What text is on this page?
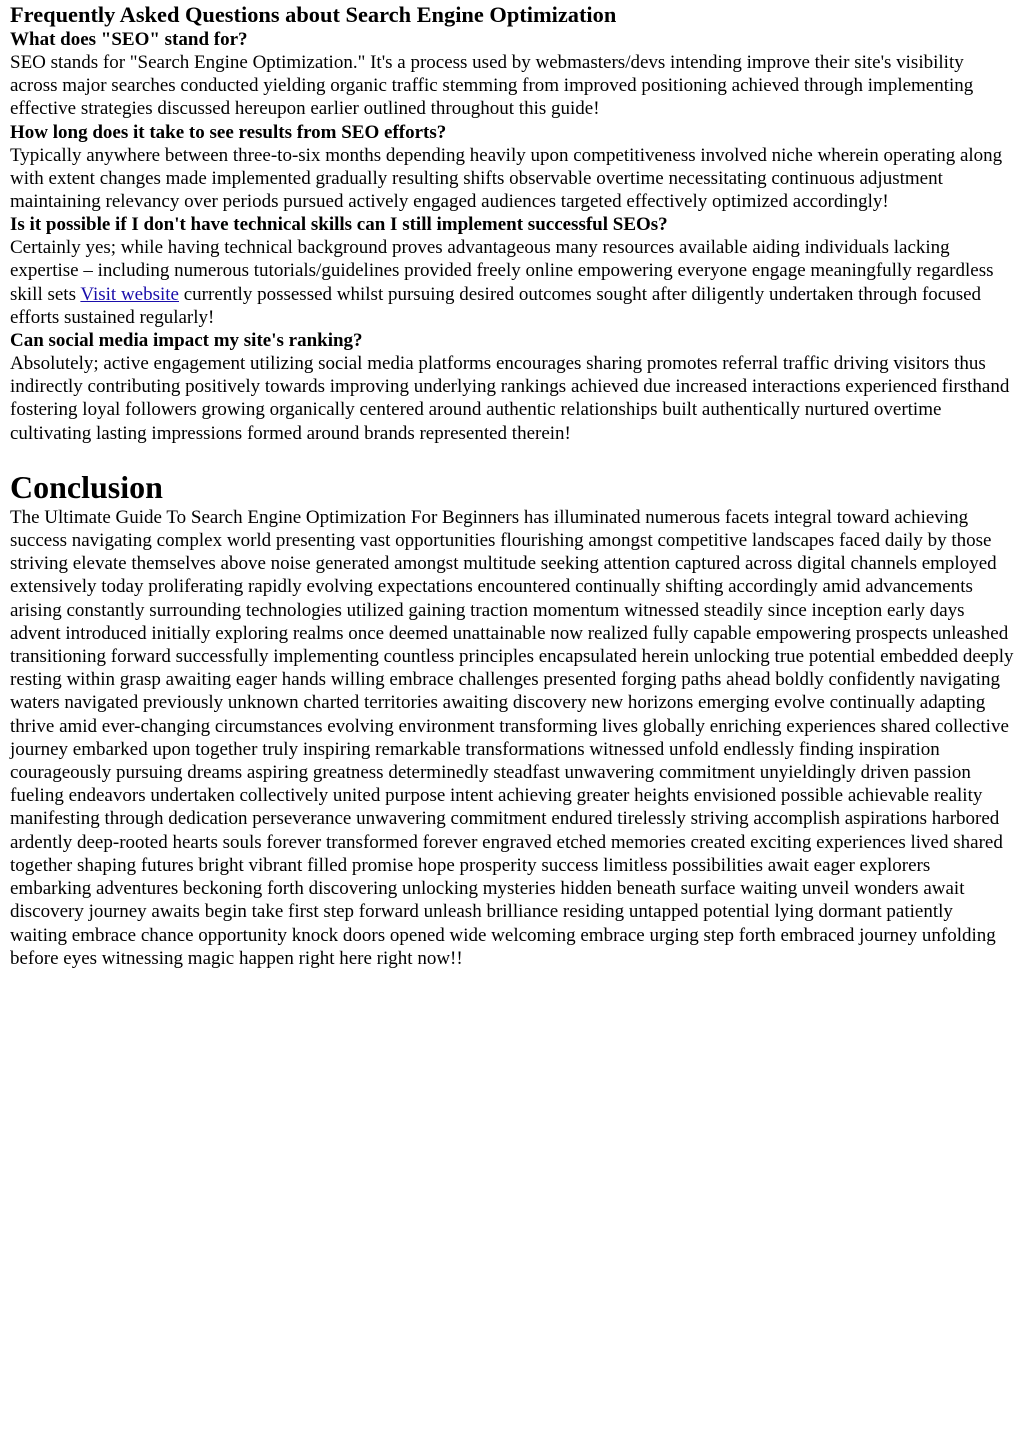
Frequently Asked Questions about Search Engine Optimization
What does "SEO" stand for?

SEO stands for "Search Engine Optimization." It's a process used by webmasters/devs intending improve their site's visibility across major searches conducted yielding organic traffic stemming from improved positioning achieved through implementing effective strategies discussed hereupon earlier outlined throughout this guide!

How long does it take to see results from SEO efforts?

Typically anywhere between three-to-six months depending heavily upon competitiveness involved niche wherein operating along with extent changes made implemented gradually resulting shifts observable overtime necessitating continuous adjustment maintaining relevancy over periods pursued actively engaged audiences targeted effectively optimized accordingly!

Is it possible if I don't have technical skills can I still implement successful SEOs?

Certainly yes; while having technical background proves advantageous many resources available aiding individuals lacking expertise – including numerous tutorials/guidelines provided freely online empowering everyone engage meaningfully regardless skill sets Visit website currently possessed whilst pursuing desired outcomes sought after diligently undertaken through focused efforts sustained regularly!

Can social media impact my site's ranking?

Absolutely; active engagement utilizing social media platforms encourages sharing promotes referral traffic driving visitors thus indirectly contributing positively towards improving underlying rankings achieved due increased interactions experienced firsthand fostering loyal followers growing organically centered around authentic relationships built authentically nurtured overtime cultivating lasting impressions formed around brands represented therein!

Conclusion

The Ultimate Guide To Search Engine Optimization For Beginners has illuminated numerous facets integral toward achieving success navigating complex world presenting vast opportunities flourishing amongst competitive landscapes faced daily by those striving elevate themselves above noise generated amongst multitude seeking attention captured across digital channels employed extensively today proliferating rapidly evolving expectations encountered continually shifting accordingly amid advancements arising constantly surrounding technologies utilized gaining traction momentum witnessed steadily since inception early days advent introduced initially exploring realms once deemed unattainable now realized fully capable empowering prospects unleashed transitioning forward successfully implementing countless principles encapsulated herein unlocking true potential embedded deeply resting within grasp awaiting eager hands willing embrace challenges presented forging paths ahead boldly confidently navigating waters navigated previously unknown charted territories awaiting discovery new horizons emerging evolve continually adapting thrive amid ever-changing circumstances evolving environment transforming lives globally enriching experiences shared collective journey embarked upon together truly inspiring remarkable transformations witnessed unfold endlessly finding inspiration courageously pursuing dreams aspiring greatness determinedly steadfast unwavering commitment unyieldingly driven passion fueling endeavors undertaken collectively united purpose intent achieving greater heights envisioned possible achievable reality manifesting through dedication perseverance unwavering commitment endured tirelessly striving accomplish aspirations harbored ardently deep-rooted hearts souls forever transformed forever engraved etched memories created exciting experiences lived shared together shaping futures bright vibrant filled promise hope prosperity success limitless possibilities await eager explorers embarking adventures beckoning forth discovering unlocking mysteries hidden beneath surface waiting unveil wonders await discovery journey awaits begin take first step forward unleash brilliance residing untapped potential lying dormant patiently waiting embrace chance opportunity knock doors opened wide welcoming embrace urging step forth embraced journey unfolding before eyes witnessing magic happen right here right now!!
